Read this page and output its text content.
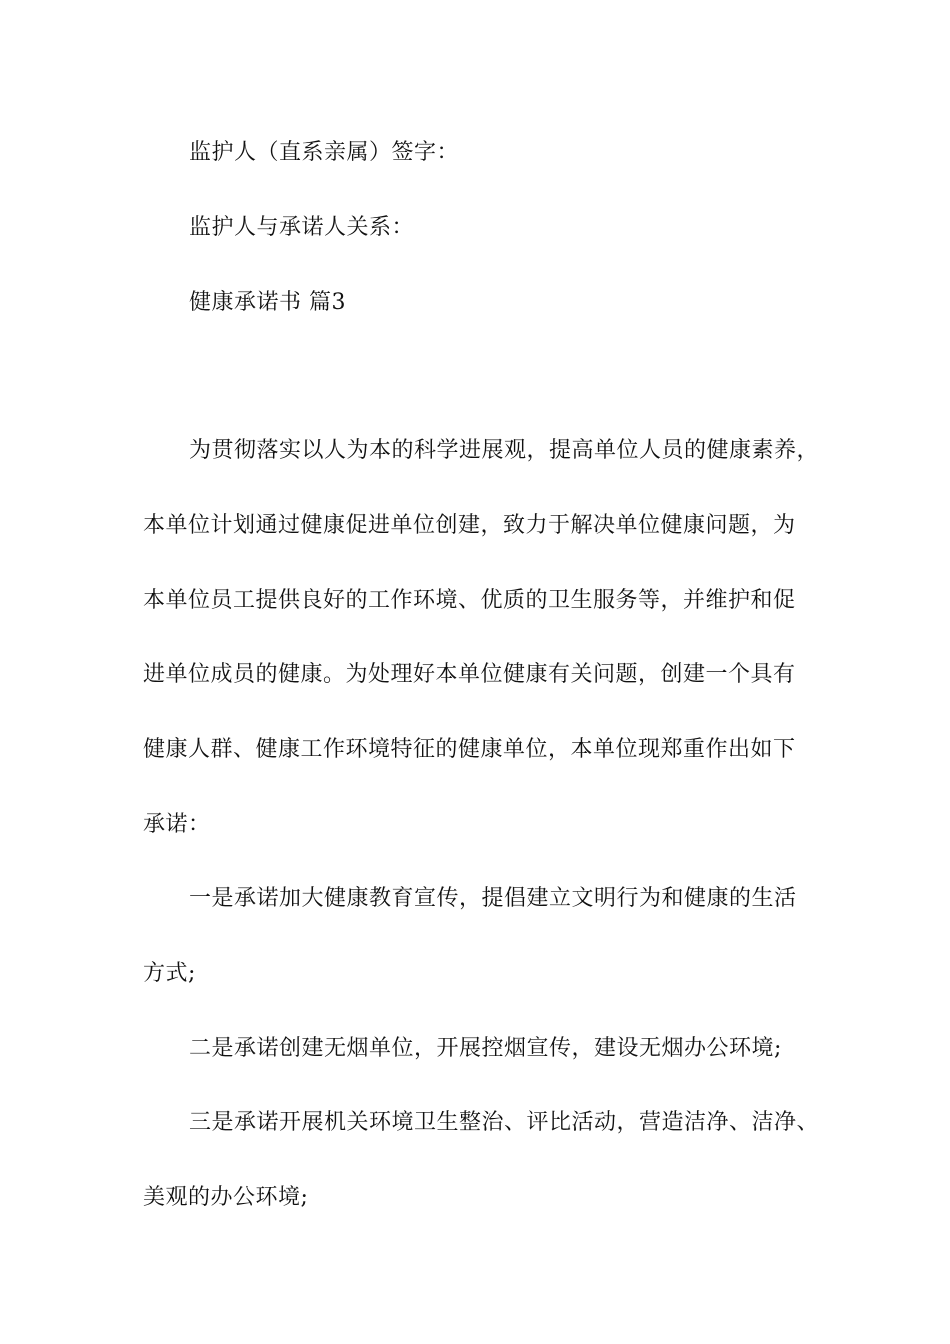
监护人（直系亲属）签字：
监护人与承诺人关系：
健康承诺书 篇3
为贯彻落实以人为本的科学进展观，提高单位人员的健康素养，
本单位计划通过健康促进单位创建，致力于解决单位健康问题，为
本单位员工提供良好的工作环境、优质的卫生服务等，并维护和促
进单位成员的健康。为处理好本单位健康有关问题，创建一个具有
健康人群、健康工作环境特征的健康单位，本单位现郑重作出如下
承诺：
一是承诺加大健康教育宣传，提倡建立文明行为和健康的生活
方式;
二是承诺创建无烟单位，开展控烟宣传，建设无烟办公环境;
三是承诺开展机关环境卫生整治、评比活动，营造洁净、洁净、
美观的办公环境;
